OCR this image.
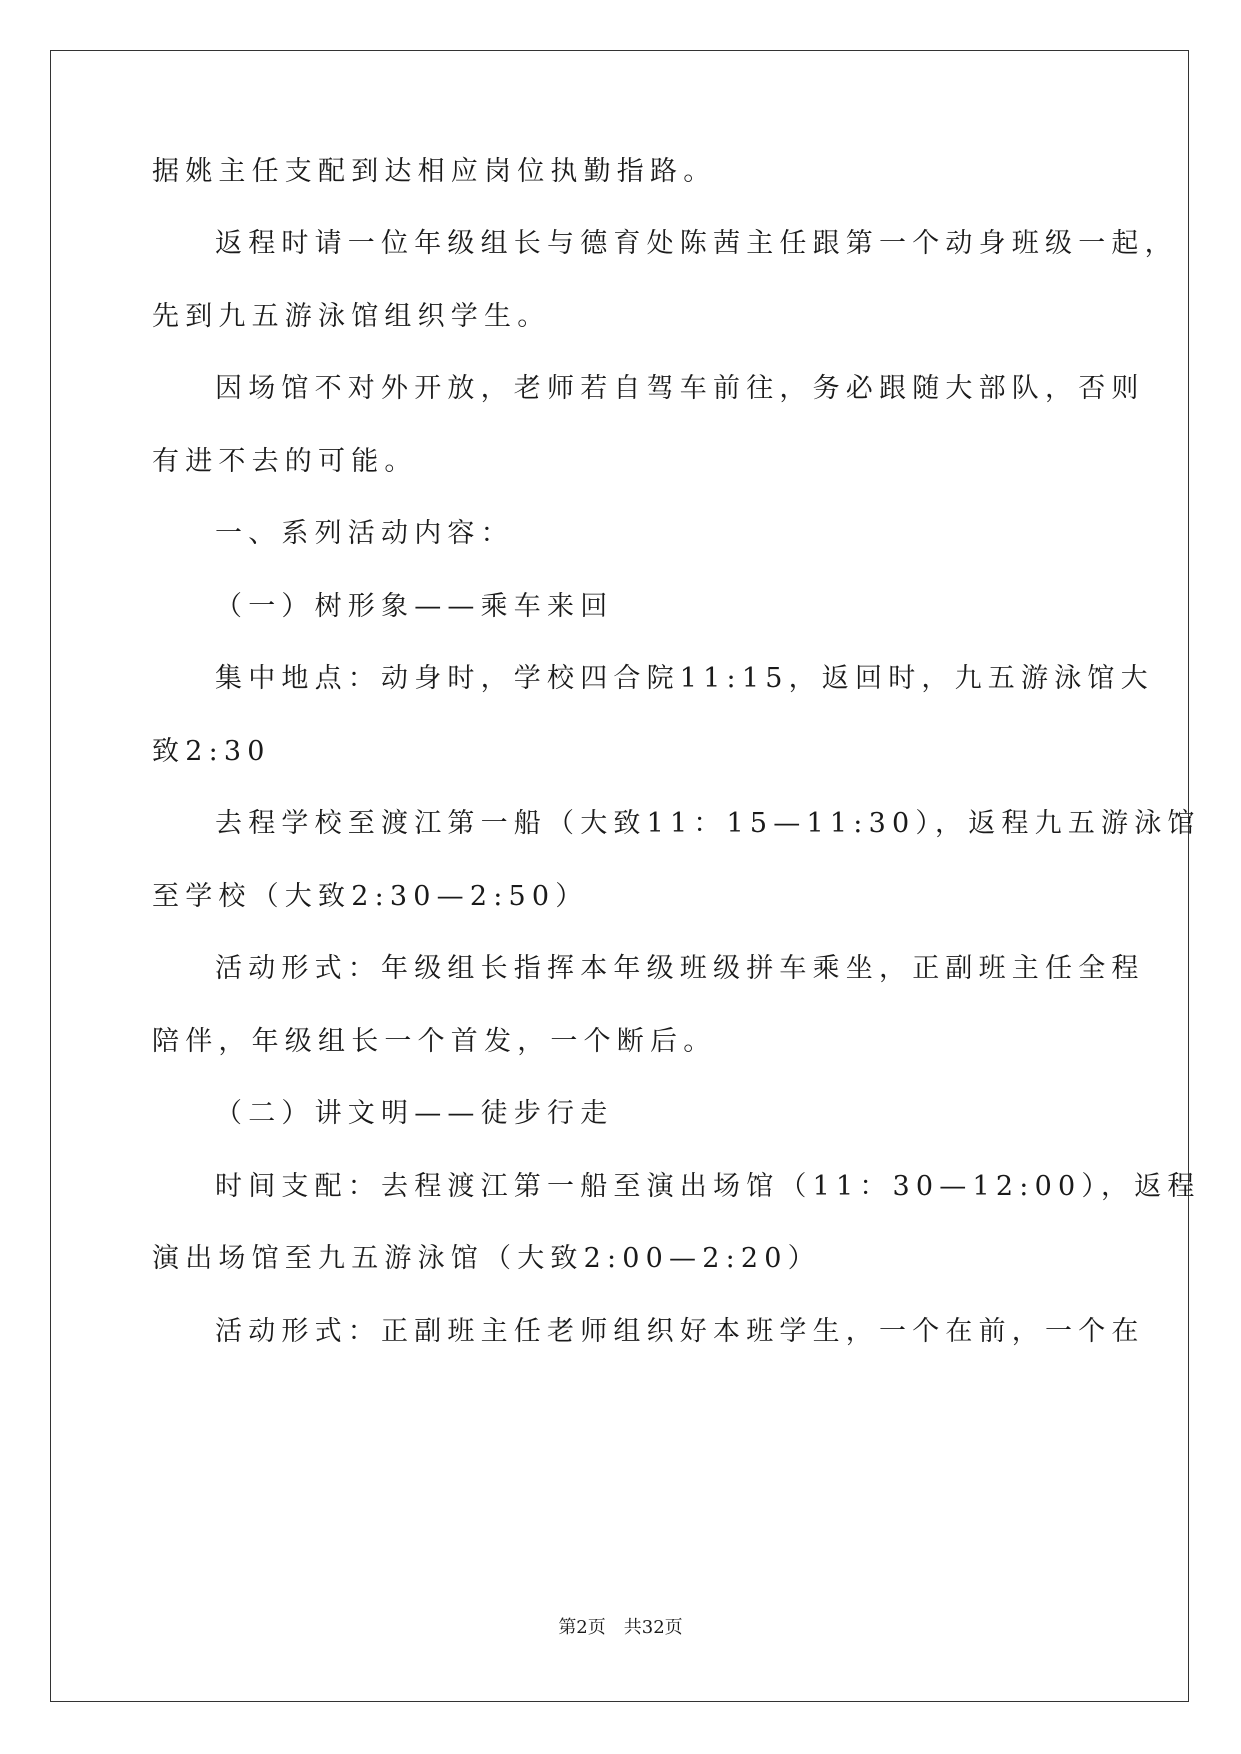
据姚主任支配到达相应岗位执勤指路。
返程时请一位年级组长与德育处陈茜主任跟第一个动身班级一起，
先到九五游泳馆组织学生。
因场馆不对外开放，老师若自驾车前往，务必跟随大部队，否则
有进不去的可能。
一、系列活动内容：
（一）树形象——乘车来回
集中地点：动身时，学校四合院11:15，返回时，九五游泳馆大
致2:30
去程学校至渡江第一船（大致11：15—11:30），返程九五游泳馆
至学校（大致2:30—2:50）
活动形式：年级组长指挥本年级班级拼车乘坐，正副班主任全程
陪伴，年级组长一个首发，一个断后。
（二）讲文明——徒步行走
时间支配：去程渡江第一船至演出场馆（11：30—12:00），返程
演出场馆至九五游泳馆（大致2:00—2:20）
活动形式：正副班主任老师组织好本班学生，一个在前，一个在
第2页　共32页
